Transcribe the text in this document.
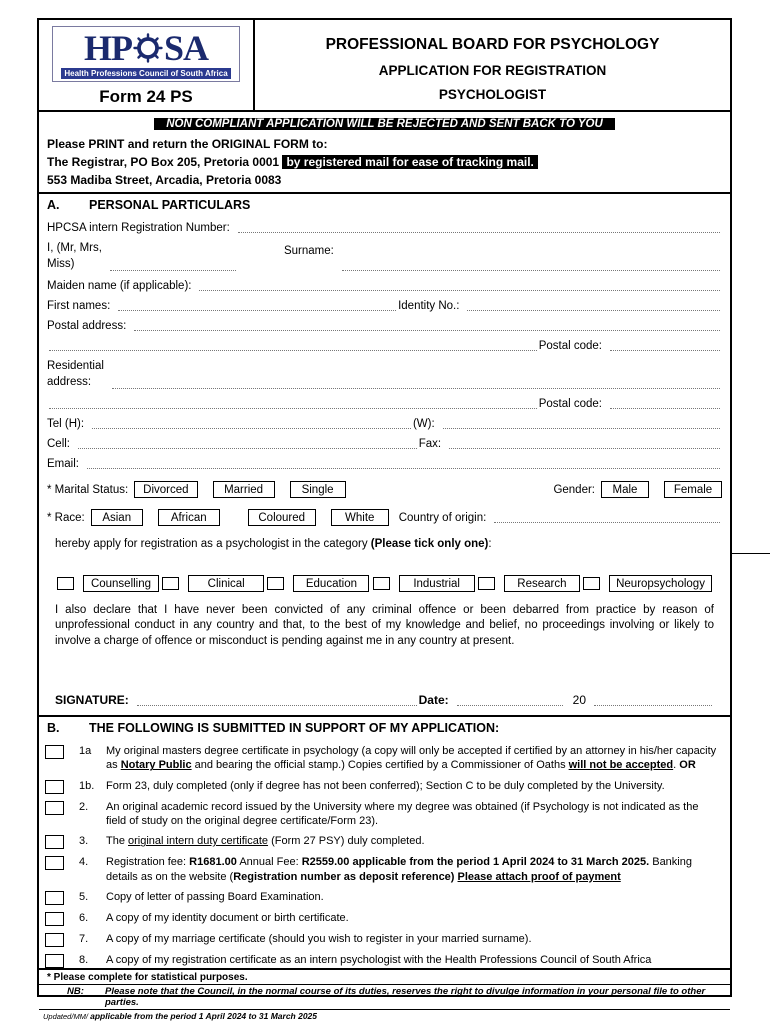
HP SA
Health Professions Council of South Africa
Form 24 PS
PROFESSIONAL BOARD FOR PSYCHOLOGY
APPLICATION FOR REGISTRATION
PSYCHOLOGIST
NON COMPLIANT APPLICATION WILL BE REJECTED AND SENT BACK TO YOU
Please PRINT and return the ORIGINAL FORM to:
The Registrar, PO Box 205, Pretoria 0001 by registered mail for ease of tracking mail.
553 Madiba Street, Arcadia, Pretoria 0083
A.	PERSONAL PARTICULARS
HPCSA intern Registration Number:
I, (Mr, Mrs,
Miss)
Surname:
Maiden name (if applicable):
First names:	Identity No.:
Postal address:
Postal code:
Residential
address:
Postal code:
Tel (H):	(W):
Cell:	Fax:
Email:
* Marital Status:	Divorced	Married	Single	Gender:	Male	Female
* Race:	Asian	African	Coloured	White	Country of origin:
hereby apply for registration as a psychologist in the category (Please tick only one):
Counselling	Clinical	Education	Industrial	Research	Neuropsychology
I also declare that I have never been convicted of any criminal offence or been debarred from practice by reason of unprofessional conduct in any country and that, to the best of my knowledge and belief, no proceedings involving or likely to involve a charge of offence or misconduct is pending against me in any country at present.
SIGNATURE:	Date:	20
B.	THE FOLLOWING IS SUBMITTED IN SUPPORT OF MY APPLICATION:
1a	My original masters degree certificate in psychology (a copy will only be accepted if certified by an attorney in his/her capacity as Notary Public and bearing the official stamp.) Copies certified by a Commissioner of Oaths will not be accepted. OR
1b.	Form 23, duly completed (only if degree has not been conferred); Section C to be duly completed by the University.
2.	An original academic record issued by the University where my degree was obtained (if Psychology is not indicated as the field of study on the original degree certificate/Form 23).
3.	The original intern duty certificate (Form 27 PSY) duly completed.
4.	Registration fee: R1681.00 Annual Fee: R2559.00 applicable from the period 1 April 2024 to 31 March 2025. Banking details as on the website (Registration number as deposit reference) Please attach proof of payment
5.	Copy of letter of passing Board Examination.
6.	A copy of my identity document or birth certificate.
7.	A copy of my marriage certificate (should you wish to register in your married surname).
8.	A copy of my registration certificate as an intern psychologist with the Health Professions Council of South Africa
* Please complete for statistical purposes.
NB:	Please note that the Council, in the normal course of its duties, reserves the right to divulge information in your personal file to other parties.
Updated/MM/ applicable from the period 1 April 2024 to 31 March 2025
